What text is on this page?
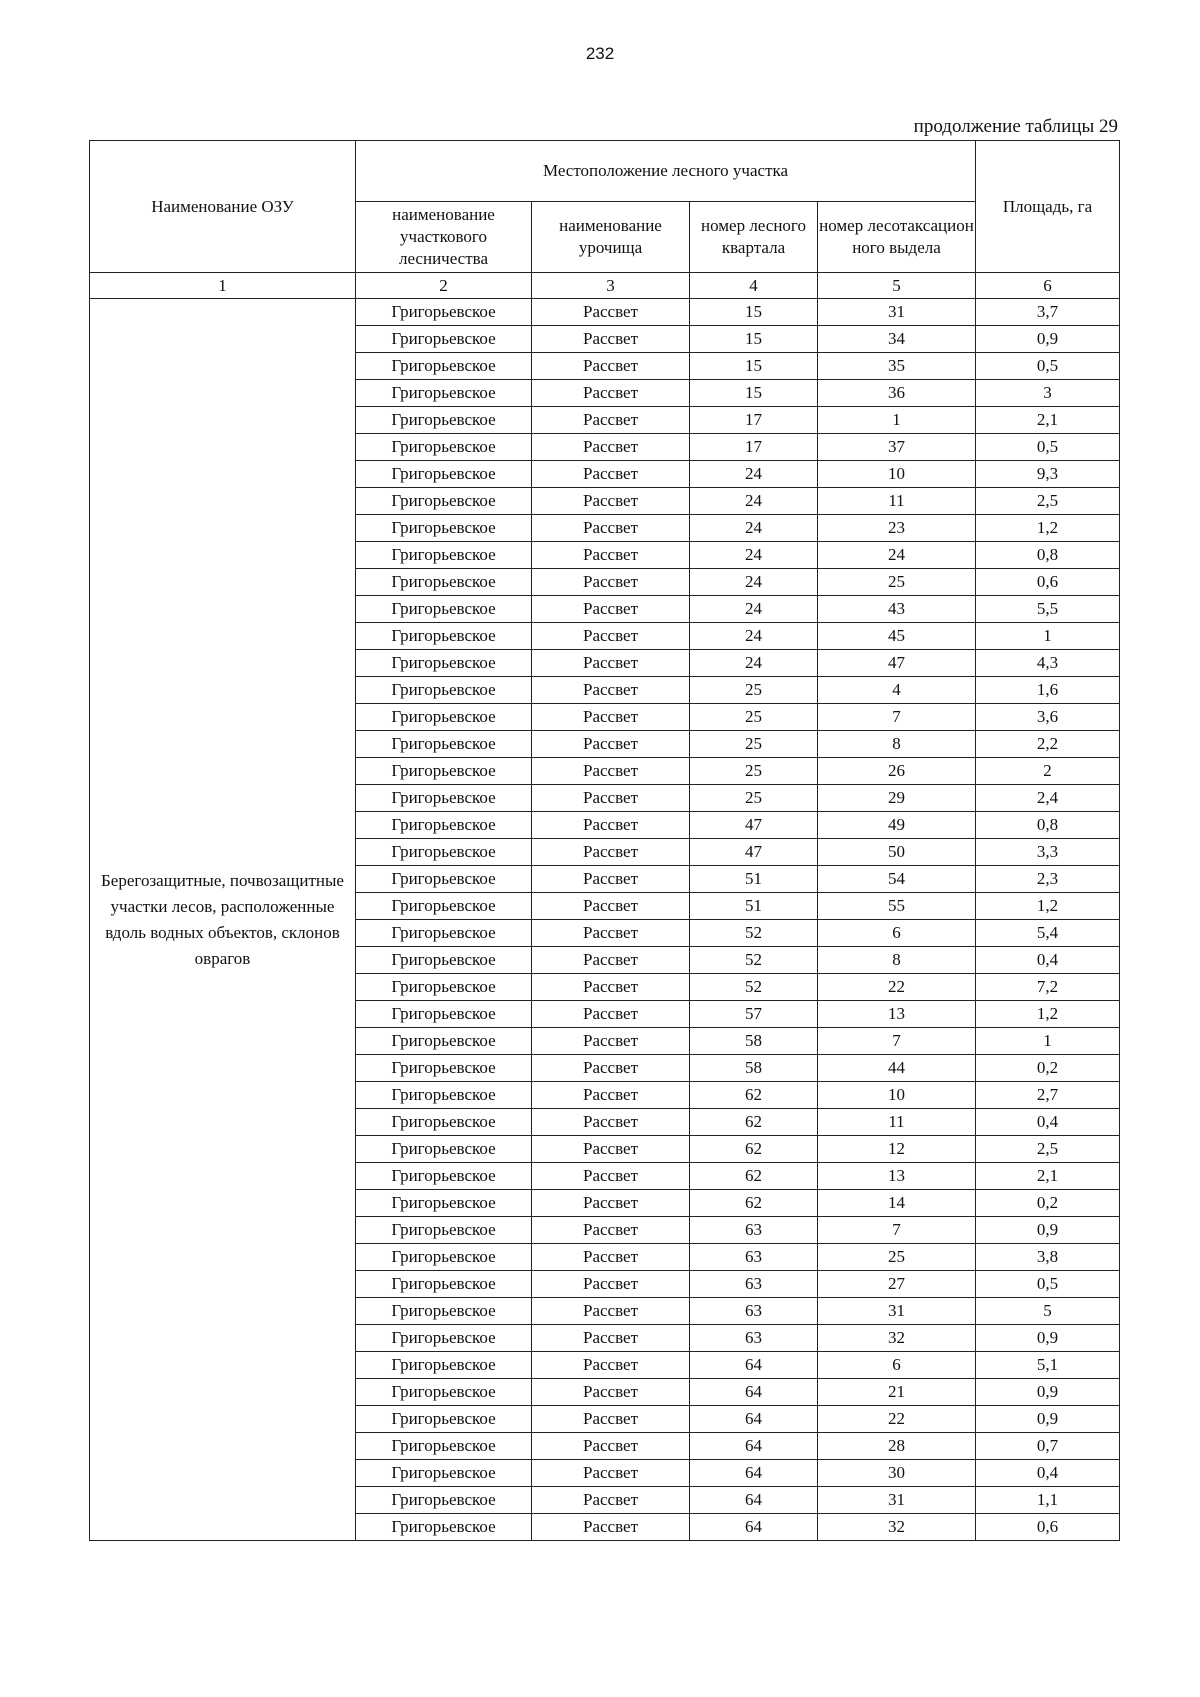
232
продолжение таблицы 29
Наименование ОЗУ	Местоположение лесного участка				Площадь, га
	наименование участкового лесничества	наименование урочища	номер лесного квартала	номер лесотаксацион ного выдела	
1	2	3	4	5	6
Берегозащитные, почвозащитные участки лесов, расположенные вдоль водных объектов, склонов оврагов	Григорьевское	Рассвет	15	31	3,7
	Григорьевское	Рассвет	15	34	0,9
	Григорьевское	Рассвет	15	35	0,5
	Григорьевское	Рассвет	15	36	3
	Григорьевское	Рассвет	17	1	2,1
	Григорьевское	Рассвет	17	37	0,5
	Григорьевское	Рассвет	24	10	9,3
	Григорьевское	Рассвет	24	11	2,5
	Григорьевское	Рассвет	24	23	1,2
	Григорьевское	Рассвет	24	24	0,8
	Григорьевское	Рассвет	24	25	0,6
	Григорьевское	Рассвет	24	43	5,5
	Григорьевское	Рассвет	24	45	1
	Григорьевское	Рассвет	24	47	4,3
	Григорьевское	Рассвет	25	4	1,6
	Григорьевское	Рассвет	25	7	3,6
	Григорьевское	Рассвет	25	8	2,2
	Григорьевское	Рассвет	25	26	2
	Григорьевское	Рассвет	25	29	2,4
	Григорьевское	Рассвет	47	49	0,8
	Григорьевское	Рассвет	47	50	3,3
	Григорьевское	Рассвет	51	54	2,3
	Григорьевское	Рассвет	51	55	1,2
	Григорьевское	Рассвет	52	6	5,4
	Григорьевское	Рассвет	52	8	0,4
	Григорьевское	Рассвет	52	22	7,2
	Григорьевское	Рассвет	57	13	1,2
	Григорьевское	Рассвет	58	7	1
	Григорьевское	Рассвет	58	44	0,2
	Григорьевское	Рассвет	62	10	2,7
	Григорьевское	Рассвет	62	11	0,4
	Григорьевское	Рассвет	62	12	2,5
	Григорьевское	Рассвет	62	13	2,1
	Григорьевское	Рассвет	62	14	0,2
	Григорьевское	Рассвет	63	7	0,9
	Григорьевское	Рассвет	63	25	3,8
	Григорьевское	Рассвет	63	27	0,5
	Григорьевское	Рассвет	63	31	5
	Григорьевское	Рассвет	63	32	0,9
	Григорьевское	Рассвет	64	6	5,1
	Григорьевское	Рассвет	64	21	0,9
	Григорьевское	Рассвет	64	22	0,9
	Григорьевское	Рассвет	64	28	0,7
	Григорьевское	Рассвет	64	30	0,4
	Григорьевское	Рассвет	64	31	1,1
	Григорьевское	Рассвет	64	32	0,6
